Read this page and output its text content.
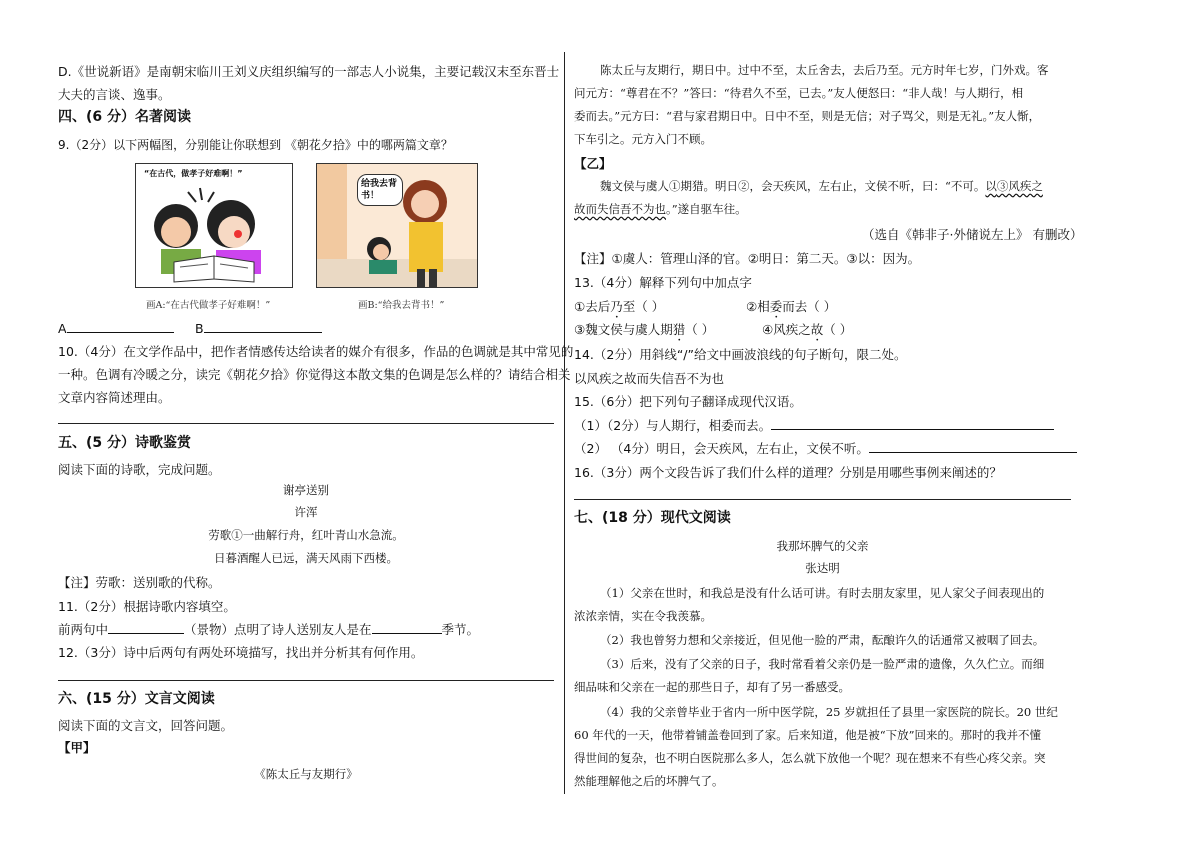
D.《世说新语》是南朝宋临川王刘义庆组织编写的一部志人小说集，主要记载汉末至东晋士
大夫的言谈、逸事。
四、(6 分）名著阅读
9.（2分）以下两幅图，分别能让你联想到 《朝花夕拾》中的哪两篇文章？
“在古代，做孝子好难啊！”
画A:“在古代做孝子好难啊！”
给我去背书！
画B:“给我去背书！”
A	B
10.（4分）在文学作品中，把作者情感传达给读者的媒介有很多，作品的色调就是其中常见的
一种。色调有冷暖之分，读完《朝花夕拾》你觉得这本散文集的色调是怎么样的？请结合相关
文章内容简述理由。
五、(5 分）诗歌鉴赏
阅读下面的诗歌，完成问题。
谢亭送别
许浑
劳歌①一曲解行舟，红叶青山水急流。
日暮酒醒人已远，满天风雨下西楼。
【注】劳歌：送别歌的代称。
11.（2分）根据诗歌内容填空。
前两句中	（景物）点明了诗人送别友人是在	季节。
12.（3分）诗中后两句有两处环境描写，找出并分析其有何作用。
六、(15 分）文言文阅读
阅读下面的文言文，回答问题。
【甲】
《陈太丘与友期行》
陈太丘与友期行，期日中。过中不至，太丘舍去，去后乃至。元方时年七岁，门外戏。客
问元方：“尊君在不？”答曰：“待君久不至，已去。”友人便怒曰：“非人哉！与人期行，相
委而去。”元方曰：“君与家君期日中。日中不至，则是无信；对子骂父，则是无礼。”友人惭，
下车引之。元方入门不顾。
【乙】
魏文侯与虞人①期猎。明日②，会天疾风，左右止，文侯不听，曰：“不可。以③风疾之
故而失信吾不为也。”遂自驱车往。
（选自《韩非子·外储说左上》 有删改）
【注】①虞人：管理山泽的官。②明日：第二天。③以：因为。
13.（4分）解释下列句中加点字
①去后乃至（ ）	②相委而去（ ）
③魏文侯与虞人期猎（ ）	④风疾之故（ ）
14.（2分）用斜线“/”给文中画波浪线的句子断句，限二处。
以风疾之故而失信吾不为也
15.（6分）把下列句子翻译成现代汉语。
（1）（2分）与人期行，相委而去。
（2） （4分）明日，会天疾风，左右止，文侯不听。
16.（3分）两个文段告诉了我们什么样的道理？分别是用哪些事例来阐述的？
七、(18 分）现代文阅读
我那坏脾气的父亲
张达明
（1）父亲在世时，和我总是没有什么话可讲。有时去朋友家里，见人家父子间表现出的
浓浓亲情，实在令我羡慕。
（2）我也曾努力想和父亲接近，但见他一脸的严肃，酝酿许久的话通常又被咽了回去。
（3）后来，没有了父亲的日子，我时常看着父亲仍是一脸严肃的遗像，久久伫立。而细
细品味和父亲在一起的那些日子，却有了另一番感受。
（4）我的父亲曾毕业于省内一所中医学院，25 岁就担任了县里一家医院的院长。20 世纪
60 年代的一天，他带着铺盖卷回到了家。后来知道，他是被“下放”回来的。那时的我并不懂
得世间的复杂，也不明白医院那么多人，怎么就下放他一个呢？现在想来不有些心疼父亲。突
然能理解他之后的坏脾气了。
